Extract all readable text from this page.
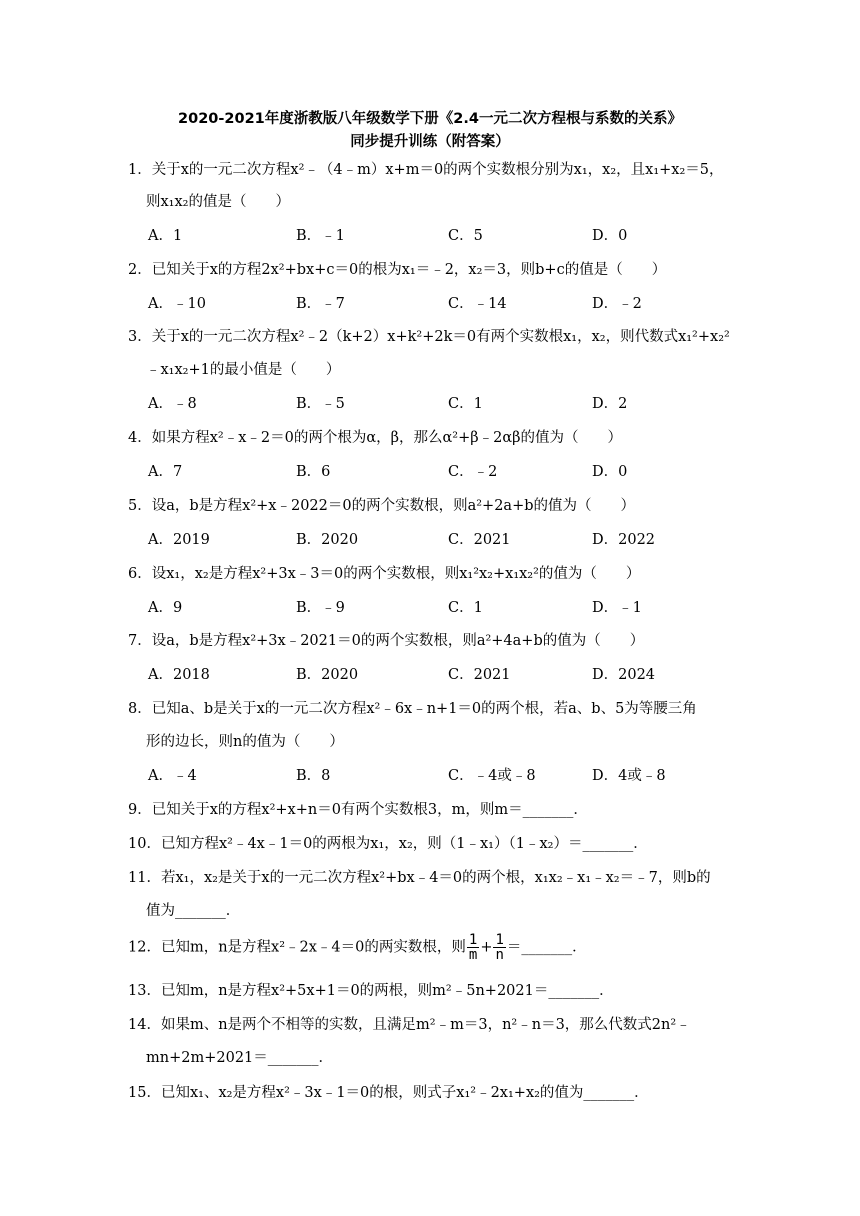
2020-2021年度浙教版八年级数学下册《2.4一元二次方程根与系数的关系》
同步提升训练（附答案）
1．关于x的一元二次方程x²﹣（4﹣m）x+m＝0的两个实数根分别为x₁，x₂，且x₁+x₂＝5，
则x₁x₂的值是（　　）
A．1	B．﹣1	C．5	D．0
2．已知关于x的方程2x²+bx+c＝0的根为x₁＝﹣2，x₂＝3，则b+c的值是（　　）
A．﹣10	B．﹣7	C．﹣14	D．﹣2
3．关于x的一元二次方程x²﹣2（k+2）x+k²+2k＝0有两个实数根x₁，x₂，则代数式x₁²+x₂²
﹣x₁x₂+1的最小值是（　　）
A．﹣8	B．﹣5	C．1	D．2
4．如果方程x²﹣x﹣2＝0的两个根为α，β，那么α²+β﹣2αβ的值为（　　）
A．7	B．6	C．﹣2	D．0
5．设a，b是方程x²+x﹣2022＝0的两个实数根，则a²+2a+b的值为（　　）
A．2019	B．2020	C．2021	D．2022
6．设x₁，x₂是方程x²+3x﹣3＝0的两个实数根，则x₁²x₂+x₁x₂²的值为（　　）
A．9	B．﹣9	C．1	D．﹣1
7．设a，b是方程x²+3x﹣2021＝0的两个实数根，则a²+4a+b的值为（　　）
A．2018	B．2020	C．2021	D．2024
8．已知a、b是关于x的一元二次方程x²﹣6x﹣n+1＝0的两个根，若a、b、5为等腰三角
形的边长，则n的值为（　　）
A．﹣4	B．8	C．﹣4或﹣8	D．4或﹣8
9．已知关于x的方程x²+x+n＝0有两个实数根3，m，则m＝_______．
10．已知方程x²﹣4x﹣1＝0的两根为x₁，x₂，则（1﹣x₁）（1﹣x₂）＝_______．
11．若x₁，x₂是关于x的一元二次方程x²+bx﹣4＝0的两个根，x₁x₂﹣x₁﹣x₂＝﹣7，则b的
值为_______．
12．已知m，n是方程x²﹣2x﹣4＝0的两实数根，则 $\frac{1}{m} + \frac{1}{n}$ ＝_______．
13．已知m，n是方程x²+5x+1＝0的两根，则m²﹣5n+2021＝_______．
14．如果m、n是两个不相等的实数，且满足m²﹣m＝3，n²﹣n＝3，那么代数式2n²﹣
mn+2m+2021＝_______．
15．已知x₁、x₂是方程x²﹣3x﹣1＝0的根，则式子x₁²﹣2x₁+x₂的值为_______．
